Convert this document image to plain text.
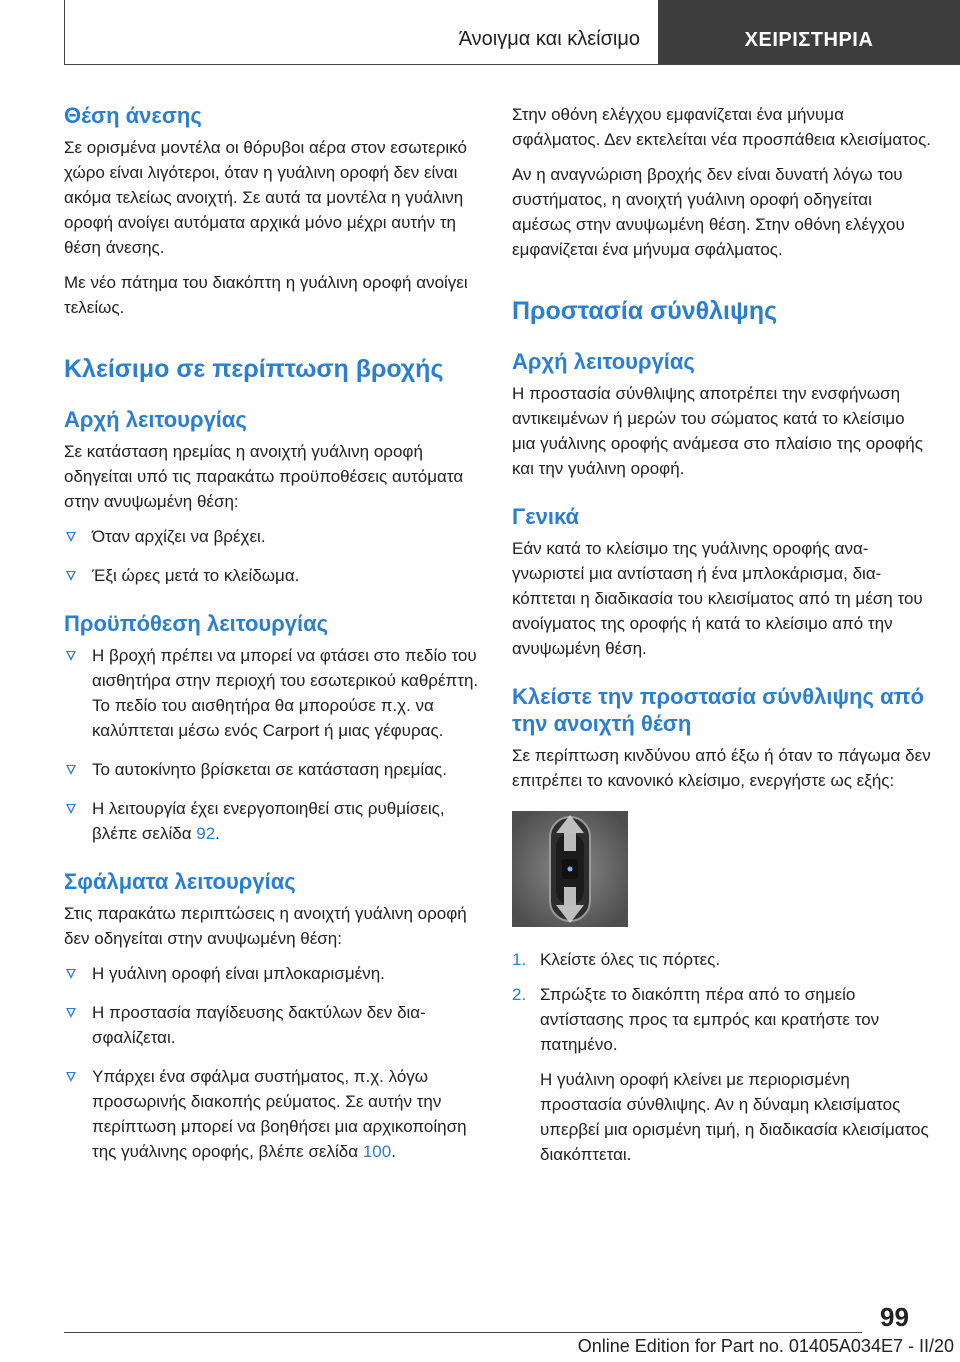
Άνοιγμα και κλείσιμο	ΧΕΙΡΙΣΤΗΡΙΑ
Θέση άνεσης

Σε ορισμένα μοντέλα οι θόρυβοι αέρα στον εσωτερικό χώρο είναι λιγότεροι, όταν η γυάλινη οροφή δεν είναι ακόμα τελείως ανοιχτή. Σε αυτά τα μοντέλα η γυάλινη οροφή ανοίγει αυτόματα αρχικά μόνο μέχρι αυτήν τη θέση άνεσης.

Με νέο πάτημα του διακόπτη η γυάλινη οροφή ανοίγει τελείως.

Κλείσιμο σε περίπτωση βροχής
Αρχή λειτουργίας

Σε κατάσταση ηρεμίας η ανοιχτή γυάλινη οροφή οδηγείται υπό τις παρακάτω προϋποθέσεις αυτόματα στην ανυψωμένη θέση:

Όταν αρχίζει να βρέχει.
Έξι ώρες μετά το κλείδωμα.
Προϋπόθεση λειτουργίας
Η βροχή πρέπει να μπορεί να φτάσει στο πεδίο του αισθητήρα στην περιοχή του εσωτερικού καθρέπτη. Το πεδίο του αισθητήρα θα μπορούσε π.χ. να καλύπτεται μέσω ενός Carport ή μιας γέφυρας.
Το αυτοκίνητο βρίσκεται σε κατάσταση ηρεμίας.
Η λειτουργία έχει ενεργοποιηθεί στις ρυθμίσεις, βλέπε σελίδα 92.
Σφάλματα λειτουργίας

Στις παρακάτω περιπτώσεις η ανοιχτή γυάλινη οροφή δεν οδηγείται στην ανυψωμένη θέση:

Η γυάλινη οροφή είναι μπλοκαρισμένη.
Η προστασία παγίδευσης δακτύλων δεν διασφαλίζεται.
Υπάρχει ένα σφάλμα συστήματος, π.χ. λόγω προσωρινής διακοπής ρεύματος. Σε αυτήν την περίπτωση μπορεί να βοηθήσει μια αρχικοποίηση της γυάλινης οροφής, βλέπε σελίδα 100.

Στην οθόνη ελέγχου εμφανίζεται ένα μήνυμα σφάλματος. Δεν εκτελείται νέα προσπάθεια κλεισίματος.

Αν η αναγνώριση βροχής δεν είναι δυνατή λόγω του συστήματος, η ανοιχτή γυάλινη οροφή οδηγείται αμέσως στην ανυψωμένη θέση. Στην οθόνη ελέγχου εμφανίζεται ένα μήνυμα σφάλματος.

Προστασία σύνθλιψης
Αρχή λειτουργίας

Η προστασία σύνθλιψης αποτρέπει την ενσφήνωση αντικειμένων ή μερών του σώματος κατά το κλείσιμο μια γυάλινης οροφής ανάμεσα στο πλαίσιο της οροφής και την γυάλινη οροφή.

Γενικά

Εάν κατά το κλείσιμο της γυάλινης οροφής αναγνωριστεί μια αντίσταση ή ένα μπλοκάρισμα, διακόπτεται η διαδικασία του κλεισίματος από τη μέση του ανοίγματος της οροφής ή κατά το κλείσιμο από την ανυψωμένη θέση.

Κλείστε την προστασία σύνθλιψης από την ανοιχτή θέση

Σε περίπτωση κινδύνου από έξω ή όταν το πάγωμα δεν επιτρέπει το κανονικό κλείσιμο, ενεργήστε ως εξής:

1. Κλείστε όλες τις πόρτες.
2. Σπρώξτε το διακόπτη πέρα από το σημείο αντίστασης προς τα εμπρός και κρατήστε τον πατημένο.
Η γυάλινη οροφή κλείνει με περιορισμένη προστασία σύνθλιψης. Αν η δύναμη κλεισίματος υπερβεί μια ορισμένη τιμή, η διαδικασία κλεισίματος διακόπτεται.
99
Online Edition for Part no. 01405A034E7 - II/20
